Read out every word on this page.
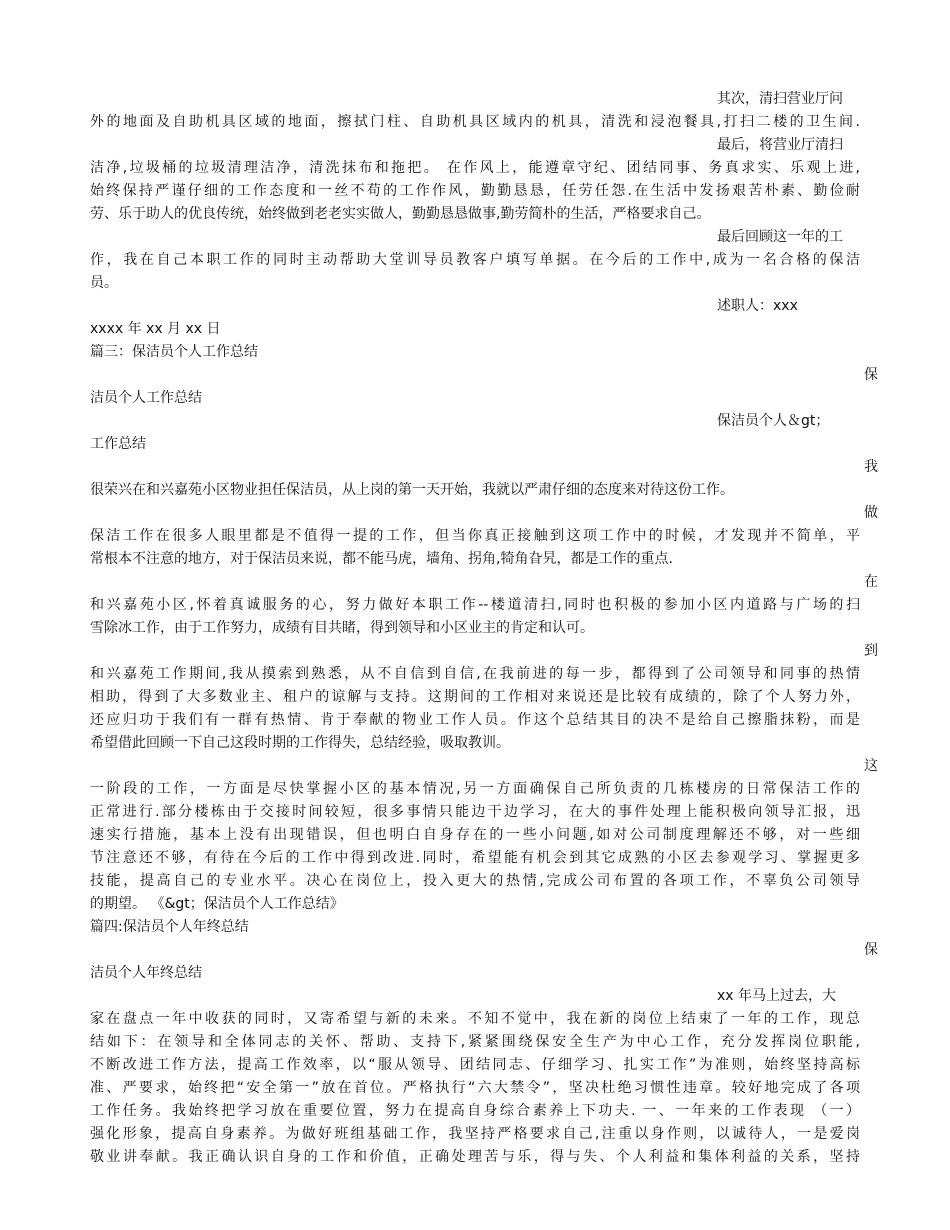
其次，清扫营业厅问
外的地面及自助机具区域的地面，擦拭门柱、自助机具区域内的机具，清洗和浸泡餐具,打扫二楼的卫生间.
最后，将营业厅清扫
洁净,垃圾桶的垃圾清理洁净，清洗抹布和拖把。 在作风上，能遵章守纪、团结同事、务真求实、乐观上进,
始终保持严谨仔细的工作态度和一丝不苟的工作作风，勤勤恳恳，任劳任怨.在生活中发扬艰苦朴素、勤俭耐
劳、乐于助人的优良传统，始终做到老老实实做人，勤勤恳恳做事,勤劳简朴的生活，严格要求自己。
最后回顾这一年的工
作，我在自己本职工作的同时主动帮助大堂训导员教客户填写单据。在今后的工作中,成为一名合格的保洁
员。
述职人：xxx
xxxx 年 xx 月 xx 日
篇三：保洁员个人工作总结
保
洁员个人工作总结
保洁员个人＆gt；
工作总结
我
很荣兴在和兴嘉苑小区物业担任保洁员，从上岗的第一天开始，我就以严肃仔细的态度来对待这份工作。
做
保洁工作在很多人眼里都是不值得一提的工作，但当你真正接触到这项工作中的时候，才发现并不简单，平
常根本不注意的地方，对于保洁员来说，都不能马虎，墙角、拐角,犄角旮旯，都是工作的重点.
在
和兴嘉苑小区,怀着真诚服务的心，努力做好本职工作--楼道清扫,同时也积极的参加小区内道路与广场的扫
雪除冰工作，由于工作努力，成绩有目共睹，得到领导和小区业主的肯定和认可。
到
和兴嘉苑工作期间,我从摸索到熟悉，从不自信到自信,在我前进的每一步，都得到了公司领导和同事的热情
相助，得到了大多数业主、租户的谅解与支持。这期间的工作相对来说还是比较有成绩的，除了个人努力外，
还应归功于我们有一群有热情、肯于奉献的物业工作人员。作这个总结其目的决不是给自己擦脂抹粉，而是
希望借此回顾一下自己这段时期的工作得失，总结经验，吸取教训。
这
一阶段的工作，一方面是尽快掌握小区的基本情况,另一方面确保自己所负责的几栋楼房的日常保洁工作的
正常进行.部分楼栋由于交接时间较短，很多事情只能边干边学习，在大的事件处理上能积极向领导汇报，迅
速实行措施，基本上没有出现错误，但也明白自身存在的一些小问题,如对公司制度理解还不够，对一些细
节注意还不够，有待在今后的工作中得到改进.同时，希望能有机会到其它成熟的小区去参观学习、掌握更多
技能，提高自己的专业水平。决心在岗位上，投入更大的热情,完成公司布置的各项工作，不辜负公司领导
的期望。 《&gt；保洁员个人工作总结》
篇四:保洁员个人年终总结
保
洁员个人年终总结
xx 年马上过去，大
家在盘点一年中收获的同时，又寄希望与新的未来。不知不觉中，我在新的岗位上结束了一年的工作，现总
结如下：在领导和全体同志的关怀、帮助、支持下,紧紧围绕保安全生产为中心工作，充分发挥岗位职能,
不断改进工作方法，提高工作效率，以“服从领导、团结同志、仔细学习、扎实工作”为准则，始终坚持高标
准、严要求，始终把“安全第一”放在首位。严格执行“六大禁令”，坚决杜绝习惯性违章。较好地完成了各项
工作任务。我始终把学习放在重要位置，努力在提高自身综合素养上下功夫. 一、一年来的工作表现 （一）
强化形象，提高自身素养。为做好班组基础工作，我坚持严格要求自己,注重以身作则，以诚待人，一是爱岗
敬业讲奉献。我正确认识自身的工作和价值，正确处理苦与乐，得与失、个人利益和集体利益的关系，坚持
